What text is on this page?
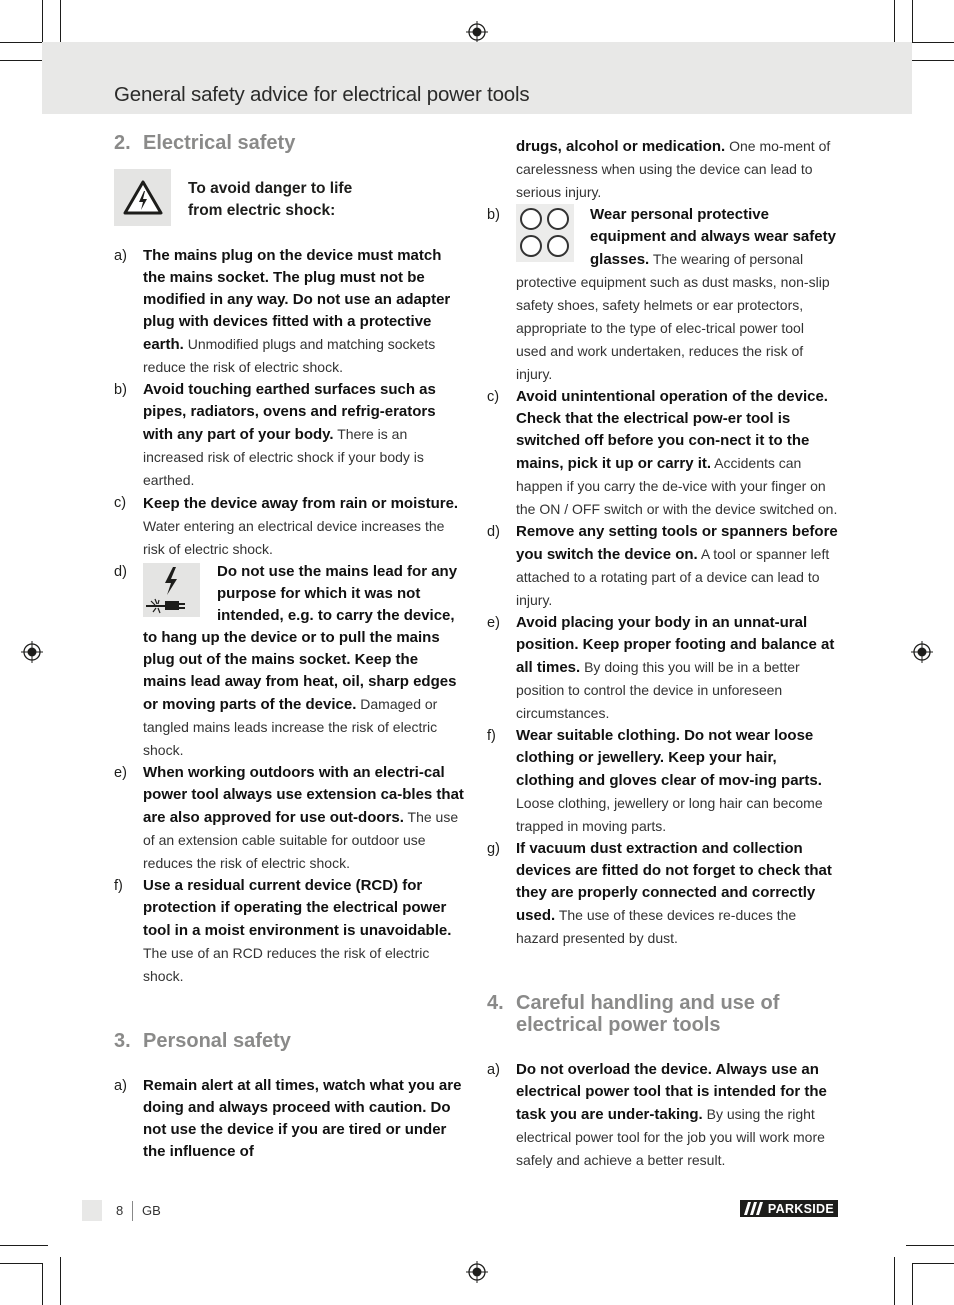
General safety advice for electrical power tools
2. Electrical safety
To avoid danger to life
from electric shock:
a)	The mains plug on the device must match the mains socket. The plug must not be modified in any way. Do not use an adapter plug with devices fitted with a protective earth. Unmodified plugs and matching sockets reduce the risk of electric shock.
b)	Avoid touching earthed surfaces such as pipes, radiators, ovens and refrig-erators with any part of your body. There is an increased risk of electric shock if your body is earthed.
c)	Keep the device away from rain or moisture. Water entering an electrical device increases the risk of electric shock.
d)	Do not use the mains lead for any purpose for which it was not intended, e.g. to carry the device, to hang up the device or to pull the mains plug out of the mains socket. Keep the mains lead away from heat, oil, sharp edges or moving parts of the device. Damaged or tangled mains leads increase the risk of electric shock.
e)	When working outdoors with an electri-cal power tool always use extension ca-bles that are also approved for use out-doors. The use of an extension cable suitable for outdoor use reduces the risk of electric shock.
f)	Use a residual current device (RCD) for protection if operating the electrical power tool in a moist environment is unavoidable. The use of an RCD reduces the risk of electric shock.
3. Personal safety
a)	Remain alert at all times, watch what you are doing and always proceed with caution. Do not use the device if you are tired or under the influence of
drugs, alcohol or medication. One mo-ment of carelessness when using the device can lead to serious injury.
b)	Wear personal protective equipment and always wear safety glasses. The wearing of personal protective equipment such as dust masks, non-slip safety shoes, safety helmets or ear protectors, appropriate to the type of elec-trical power tool used and work undertaken, reduces the risk of injury.
c)	Avoid unintentional operation of the device. Check that the electrical pow-er tool is switched off before you con-nect it to the mains, pick it up or carry it. Accidents can happen if you carry the de-vice with your finger on the ON / OFF switch or with the device switched on.
d)	Remove any setting tools or spanners before you switch the device on. A tool or spanner left attached to a rotating part of a device can lead to injury.
e)	Avoid placing your body in an unnat-ural position. Keep proper footing and balance at all times. By doing this you will be in a better position to control the device in unforeseen circumstances.
f)	Wear suitable clothing. Do not wear loose clothing or jewellery. Keep your hair, clothing and gloves clear of mov-ing parts. Loose clothing, jewellery or long hair can become trapped in moving parts.
g)	If vacuum dust extraction and collection devices are fitted do not forget to check that they are properly connected and correctly used. The use of these devices re-duces the hazard presented by dust.
4. Careful handling and use of
electrical power tools
a)	Do not overload the device. Always use an electrical power tool that is intended for the task you are under-taking. By using the right electrical power tool for the job you will work more safely and achieve a better result.
8 GB	PARKSIDE
